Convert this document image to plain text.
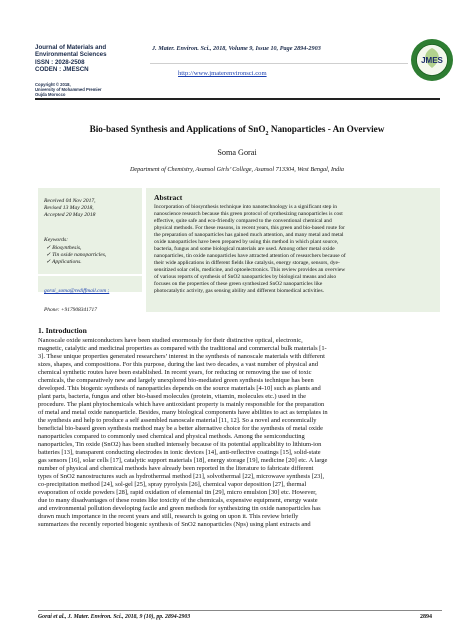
Journal of Materials and
Environmental Sciences
ISSN : 2028-2508
CODEN : JMESCN
Copyright © 2018,
University of Mohammed Premier
Oujda Morocco
J. Mater. Environ. Sci., 2018, Volume 9, Issue 10, Page 2894-2903
http://www.jmaterenvironsci.com
JMES
Bio-based Synthesis and Applications of SnO$_2$ Nanoparticles - An Overview
Soma Gorai
Department of Chemistry, Asansol Girls’ College, Asansol 713304, West Bengal, India
Received 04 Nov 2017,
Revised 13 May 2018,
Accepted 20 May 2018
Keywords:
✓ Biosynthesis,
✓ Tin oxide nanoparticles,
✓ Applications.
gorai_soma@rediffmail.com ;
Phone: +917908341717
Abstract
Incorporation of biosynthesis technique into nanotechnology is a significant step in
nanoscience research because this green protocol of synthesizing nanoparticles is cost
effective, quite safe and eco-friendly compared to the conventional chemical and
physical methods. For these reasons, in recent years, this green and bio-based route for
the preparation of nanoparticles has gained much attention, and many metal and metal
oxide nanoparticles have been prepared by using this method in which plant source,
bacteria, fungus and some biological materials are used. Among other metal oxide
nanoparticles, tin oxide nanoparticles have attracted attention of researchers because of
their wide applications in different fields like catalysis, energy storage, sensors, dye-
sensitized solar cells, medicine, and optoelectronics. This review provides an overview
of various reports of synthesis of SnO2 nanoparticles by biological means and also
focuses on the properties of these green synthesized SnO2 nanoparticles like
photocatalytic activity, gas sensing ability and different biomedical activities.
1. Introduction
Nanoscale oxide semiconductors have been studied enormously for their distinctive optical, electronic,
magnetic, catalytic and medicinal properties as compared with the traditional and commercial bulk materials [1-
3]. These unique properties generated researchers’ interest in the synthesis of nanoscale materials with different
sizes, shapes, and compositions. For this purpose, during the last two decades, a vast number of physical and
chemical synthetic routes have been established. In recent years, for reducing or removing the use of toxic
chemicals, the comparatively new and largely unexplored bio-mediated green synthesis technique has been
developed. This biogenic synthesis of nanoparticles depends on the source materials [4-10] such as plants and
plant parts, bacteria, fungus and other bio-based molecules (protein, vitamin, molecules etc.) used in the
procedure. The plant phytochemicals which have antioxidant property is mainly responsible for the preparation
of metal and metal oxide nanoparticle. Besides, many biological components have abilities to act as templates in
the synthesis and help to produce a self assembled nanoscale material [11, 12]. So a novel and economically
beneficial bio-based green synthesis method may be a better alternative choice for the synthesis of metal oxide
nanoparticles compared to commonly used chemical and physical methods. Among the semiconducting
nanoparticles, Tin oxide (SnO2) has been studied intensely because of its potential applicability to lithium-ion
batteries [13], transparent conducting electrodes in ionic devices [14], anti-reflective coatings [15], solid-state
gas sensors [16], solar cells [17], catalytic support materials [18], energy storage [19], medicine [20] etc. A large
number of physical and chemical methods have already been reported in the literature to fabricate different
types of SnO2 nanostructures such as hydrothermal method [21], solvothermal [22], microwave synthesis [23],
co-precipitation method [24], sol-gel [25], spray pyrolysis [26], chemical vapor deposition [27], thermal
evaporation of oxide powders [28], rapid oxidation of elemental tin [29], micro emulsion [30] etc. However,
due to many disadvantages of these routes like toxicity of the chemicals, expensive equipment, energy waste
and environmental pollution developing facile and green methods for synthesizing tin oxide nanoparticles has
drawn much importance in the recent years and still, research is going on upon it. This review briefly
summarizes the recently reported biogenic synthesis of SnO2 nanoparticles (Nps) using plant extracts and
Gorai et al., J. Mater. Environ. Sci., 2018, 9 (10), pp. 2894-2903	2894
